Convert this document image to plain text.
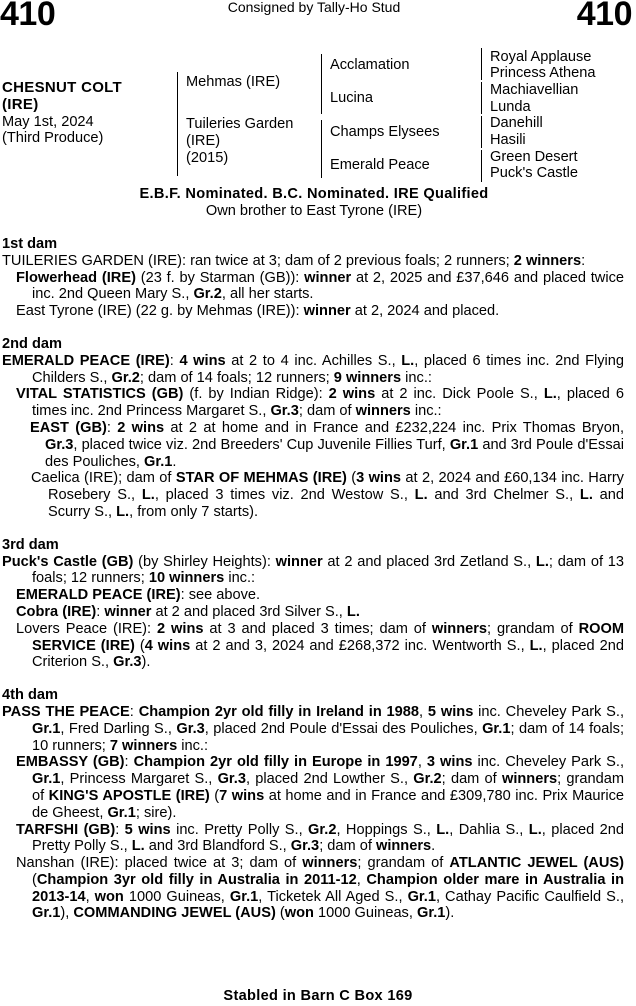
410	Consigned by Tally-Ho Stud	410
CHESNUT COLT
(IRE)
May 1st, 2024
(Third Produce)
Mehmas (IRE)
Tuileries Garden
(IRE)
(2015)
Acclamation
Lucina
Champs Elysees
Emerald Peace
Royal Applause
Princess Athena
Machiavellian
Lunda
Danehill
Hasili
Green Desert
Puck's Castle
E.B.F. Nominated. B.C. Nominated. IRE Qualified
Own brother to East Tyrone (IRE)
1st dam

TUILERIES GARDEN (IRE): ran twice at 3; dam of 2 previous foals; 2 runners; 2 winners:

Flowerhead (IRE) (23 f. by Starman (GB)): winner at 2, 2025 and £37,646 and placed twice inc. 2nd Queen Mary S., Gr.2, all her starts.

East Tyrone (IRE) (22 g. by Mehmas (IRE)): winner at 2, 2024 and placed.

2nd dam

EMERALD PEACE (IRE): 4 wins at 2 to 4 inc. Achilles S., L., placed 6 times inc. 2nd Flying Childers S., Gr.2; dam of 14 foals; 12 runners; 9 winners inc.:

VITAL STATISTICS (GB) (f. by Indian Ridge): 2 wins at 2 inc. Dick Poole S., L., placed 6 times inc. 2nd Princess Margaret S., Gr.3; dam of winners inc.:

EAST (GB): 2 wins at 2 at home and in France and £232,224 inc. Prix Thomas Bryon, Gr.3, placed twice viz. 2nd Breeders' Cup Juvenile Fillies Turf, Gr.1 and 3rd Poule d'Essai des Pouliches, Gr.1.

Caelica (IRE); dam of STAR OF MEHMAS (IRE) (3 wins at 2, 2024 and £60,134 inc. Harry Rosebery S., L., placed 3 times viz. 2nd Westow S., L. and 3rd Chelmer S., L. and Scurry S., L., from only 7 starts).

3rd dam

Puck's Castle (GB) (by Shirley Heights): winner at 2 and placed 3rd Zetland S., L.; dam of 13 foals; 12 runners; 10 winners inc.:

EMERALD PEACE (IRE): see above.

Cobra (IRE): winner at 2 and placed 3rd Silver S., L.

Lovers Peace (IRE): 2 wins at 3 and placed 3 times; dam of winners; grandam of ROOM SERVICE (IRE) (4 wins at 2 and 3, 2024 and £268,372 inc. Wentworth S., L., placed 2nd Criterion S., Gr.3).

4th dam

PASS THE PEACE: Champion 2yr old filly in Ireland in 1988, 5 wins inc. Cheveley Park S., Gr.1, Fred Darling S., Gr.3, placed 2nd Poule d'Essai des Pouliches, Gr.1; dam of 14 foals; 10 runners; 7 winners inc.:

EMBASSY (GB): Champion 2yr old filly in Europe in 1997, 3 wins inc. Cheveley Park S., Gr.1, Princess Margaret S., Gr.3, placed 2nd Lowther S., Gr.2; dam of winners; grandam of KING'S APOSTLE (IRE) (7 wins at home and in France and £309,780 inc. Prix Maurice de Gheest, Gr.1; sire).

TARFSHI (GB): 5 wins inc. Pretty Polly S., Gr.2, Hoppings S., L., Dahlia S., L., placed 2nd Pretty Polly S., L. and 3rd Blandford S., Gr.3; dam of winners.

Nanshan (IRE): placed twice at 3; dam of winners; grandam of ATLANTIC JEWEL (AUS) (Champion 3yr old filly in Australia in 2011-12, Champion older mare in Australia in 2013-14, won 1000 Guineas, Gr.1, Ticketek All Aged S., Gr.1, Cathay Pacific Caulfield S., Gr.1), COMMANDING JEWEL (AUS) (won 1000 Guineas, Gr.1).

Stabled in Barn C Box 169
